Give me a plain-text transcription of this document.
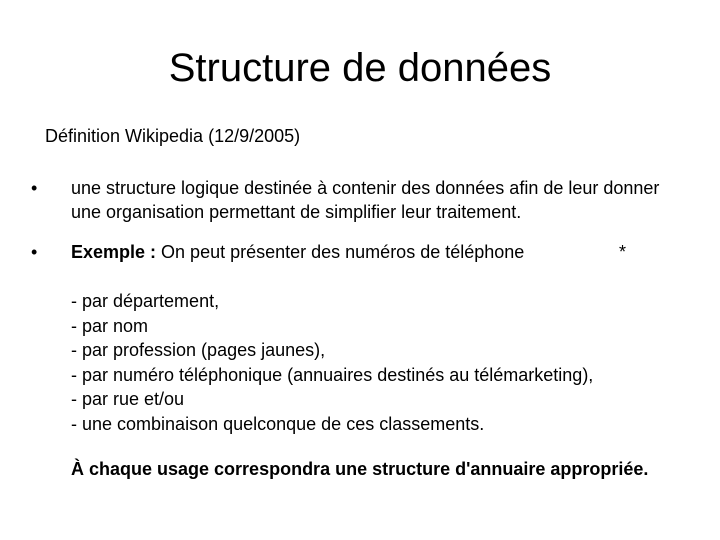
Structure de données
Définition Wikipedia (12/9/2005)
• une structure logique destinée à contenir des données afin de leur donner une organisation permettant de simplifier leur traitement.
• Exemple : On peut présenter des numéros de téléphone	*
- par département,
- par nom
- par profession (pages jaunes),
- par numéro téléphonique (annuaires destinés au télémarketing),
- par rue et/ou
- une combinaison quelconque de ces classements.
À chaque usage correspondra une structure d'annuaire appropriée.
